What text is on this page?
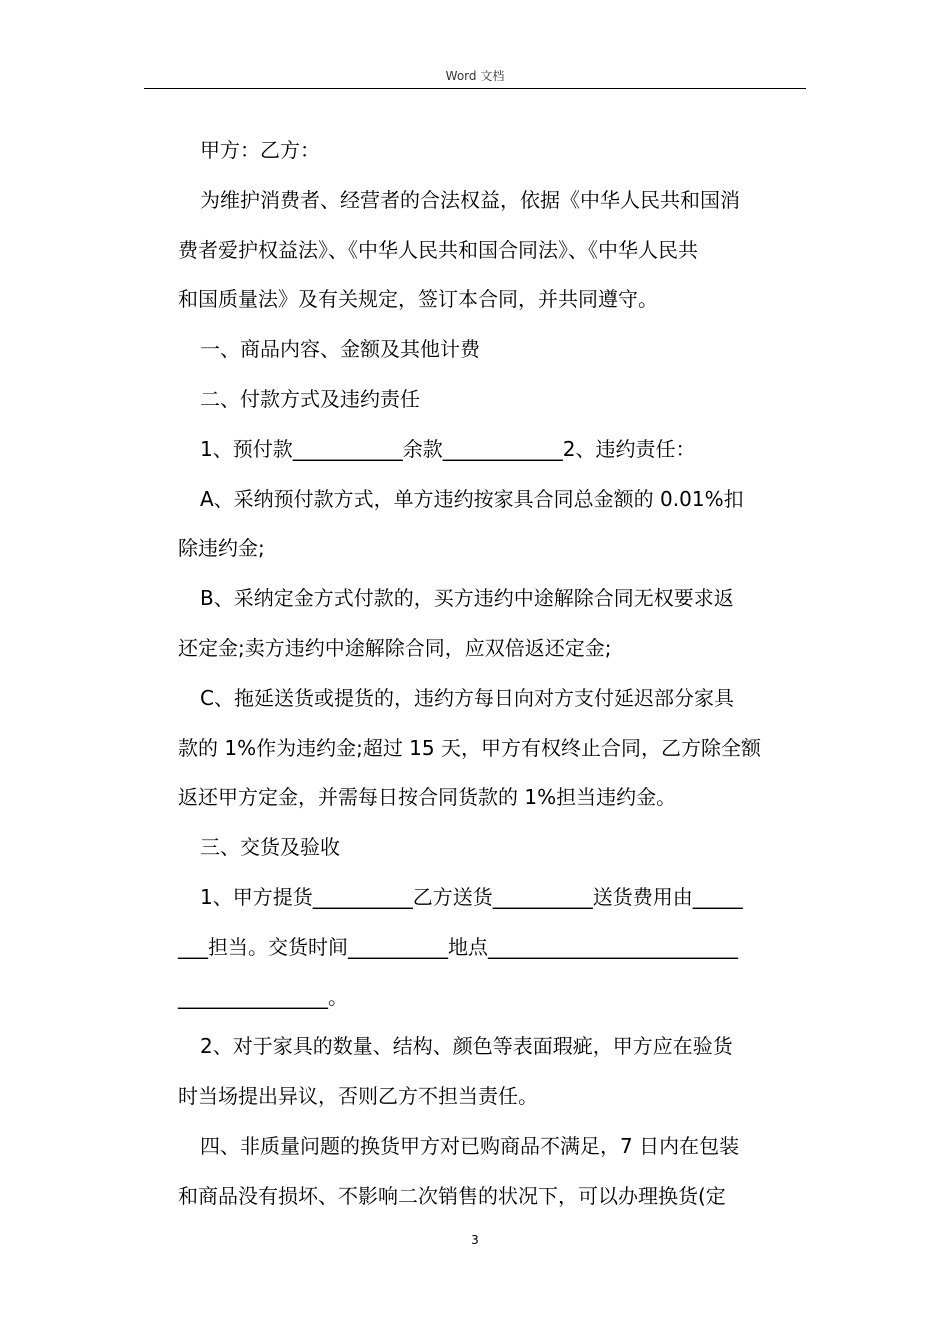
Word 文档
甲方：乙方：
为维护消费者、经营者的合法权益，依据《中华人民共和国消
费者爱护权益法》、《中华人民共和国合同法》、《中华人民共
和国质量法》及有关规定，签订本合同，并共同遵守。
一、商品内容、金额及其他计费
二、付款方式及违约责任
1、预付款___________余款____________2、违约责任：
A、采纳预付款方式，单方违约按家具合同总金额的 0.01%扣
除违约金;
B、采纳定金方式付款的，买方违约中途解除合同无权要求返
还定金;卖方违约中途解除合同，应双倍返还定金;
C、拖延送货或提货的，违约方每日向对方支付延迟部分家具
款的 1%作为违约金;超过 15 天，甲方有权终止合同，乙方除全额
返还甲方定金，并需每日按合同货款的 1%担当违约金。
三、交货及验收
1、甲方提货__________乙方送货__________送货费用由_____
___担当。交货时间__________地点_________________________
_______________。
2、对于家具的数量、结构、颜色等表面瑕疵，甲方应在验货
时当场提出异议，否则乙方不担当责任。
四、非质量问题的换货甲方对已购商品不满足，7 日内在包装
和商品没有损坏、不影响二次销售的状况下，可以办理换货(定
3
